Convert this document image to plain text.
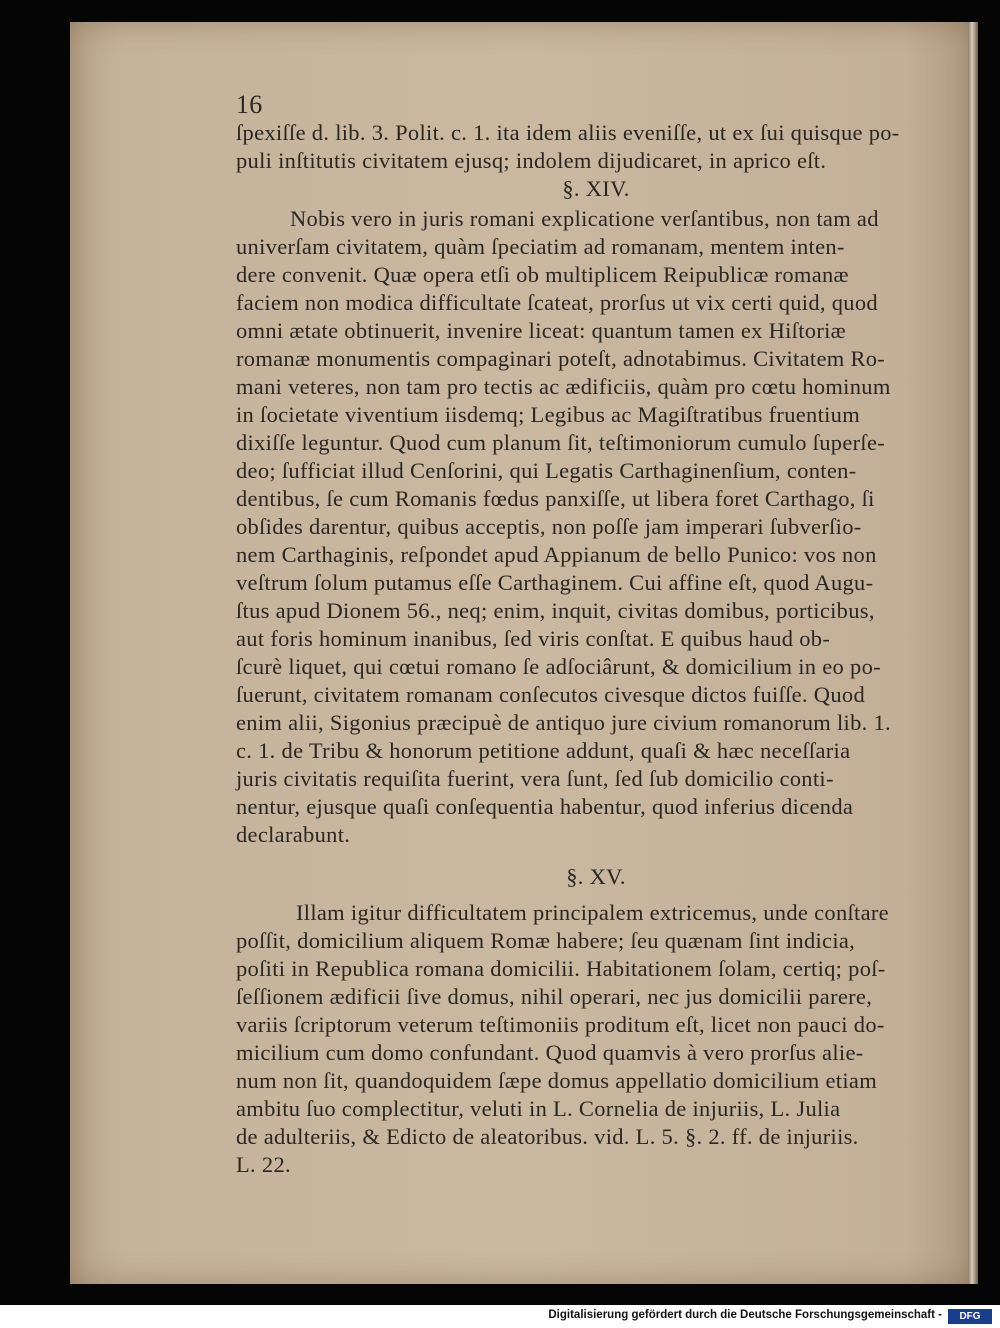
16
ſpexiſſe d. lib. 3. Polit. c. 1. ita idem aliis eveniſſe, ut ex ſui quisque po-
puli inſtitutis civitatem ejusq; indolem dijudicaret, in aprico eſt.
§. XIV.
Nobis vero in juris romani explicatione verſantibus, non tam ad
univerſam civitatem, quàm ſpeciatim ad romanam, mentem inten-
dere convenit. Quæ opera etſi ob multiplicem Reipublicæ romanæ
faciem non modica difficultate ſcateat, prorſus ut vix certi quid, quod
omni ætate obtinuerit, invenire liceat: quantum tamen ex Hiſtoriæ
romanæ monumentis compaginari poteſt, adnotabimus. Civitatem Ro-
mani veteres, non tam pro tectis ac ædificiis, quàm pro cœtu hominum
in ſocietate viventium iisdemq; Legibus ac Magiſtratibus fruentium
dixiſſe leguntur. Quod cum planum ſit, teſtimoniorum cumulo ſuperſe-
deo; ſufficiat illud Cenſorini, qui Legatis Carthaginenſium, conten-
dentibus, ſe cum Romanis fœdus panxiſſe, ut libera foret Carthago, ſi
obſides darentur, quibus acceptis, non poſſe jam imperari ſubverſio-
nem Carthaginis, reſpondet apud Appianum de bello Punico: vos non
veſtrum ſolum putamus eſſe Carthaginem. Cui affine eſt, quod Augu-
ſtus apud Dionem 56., neq; enim, inquit, civitas domibus, porticibus,
aut foris hominum inanibus, ſed viris conſtat. E quibus haud ob-
ſcurè liquet, qui cœtui romano ſe adſociârunt, & domicilium in eo po-
ſuerunt, civitatem romanam conſecutos civesque dictos fuiſſe. Quod
enim alii, Sigonius præcipuè de antiquo jure civium romanorum lib. 1.
c. 1. de Tribu & honorum petitione addunt, quaſi & hæc neceſſaria
juris civitatis requiſita fuerint, vera ſunt, ſed ſub domicilio conti-
nentur, ejusque quaſi conſequentia habentur, quod inferius dicenda
declarabunt.
§. XV.
Illam igitur difficultatem principalem extricemus, unde conſtare
poſſit, domicilium aliquem Romæ habere; ſeu quænam ſint indicia,
poſiti in Republica romana domicilii. Habitationem ſolam, certiq; poſ-
ſeſſionem ædificii ſive domus, nihil operari, nec jus domicilii parere,
variis ſcriptorum veterum teſtimoniis proditum eſt, licet non pauci do-
micilium cum domo confundant. Quod quamvis à vero prorſus alie-
num non ſit, quandoquidem ſæpe domus appellatio domicilium etiam
ambitu ſuo complectitur, veluti in L. Cornelia de injuriis, L. Julia
de adulteriis, & Edicto de aleatoribus. vid. L. 5. §. 2. ff. de injuriis.
L. 22.
Digitalisierung gefördert durch die Deutsche Forschungsgemeinschaft -	DFG
